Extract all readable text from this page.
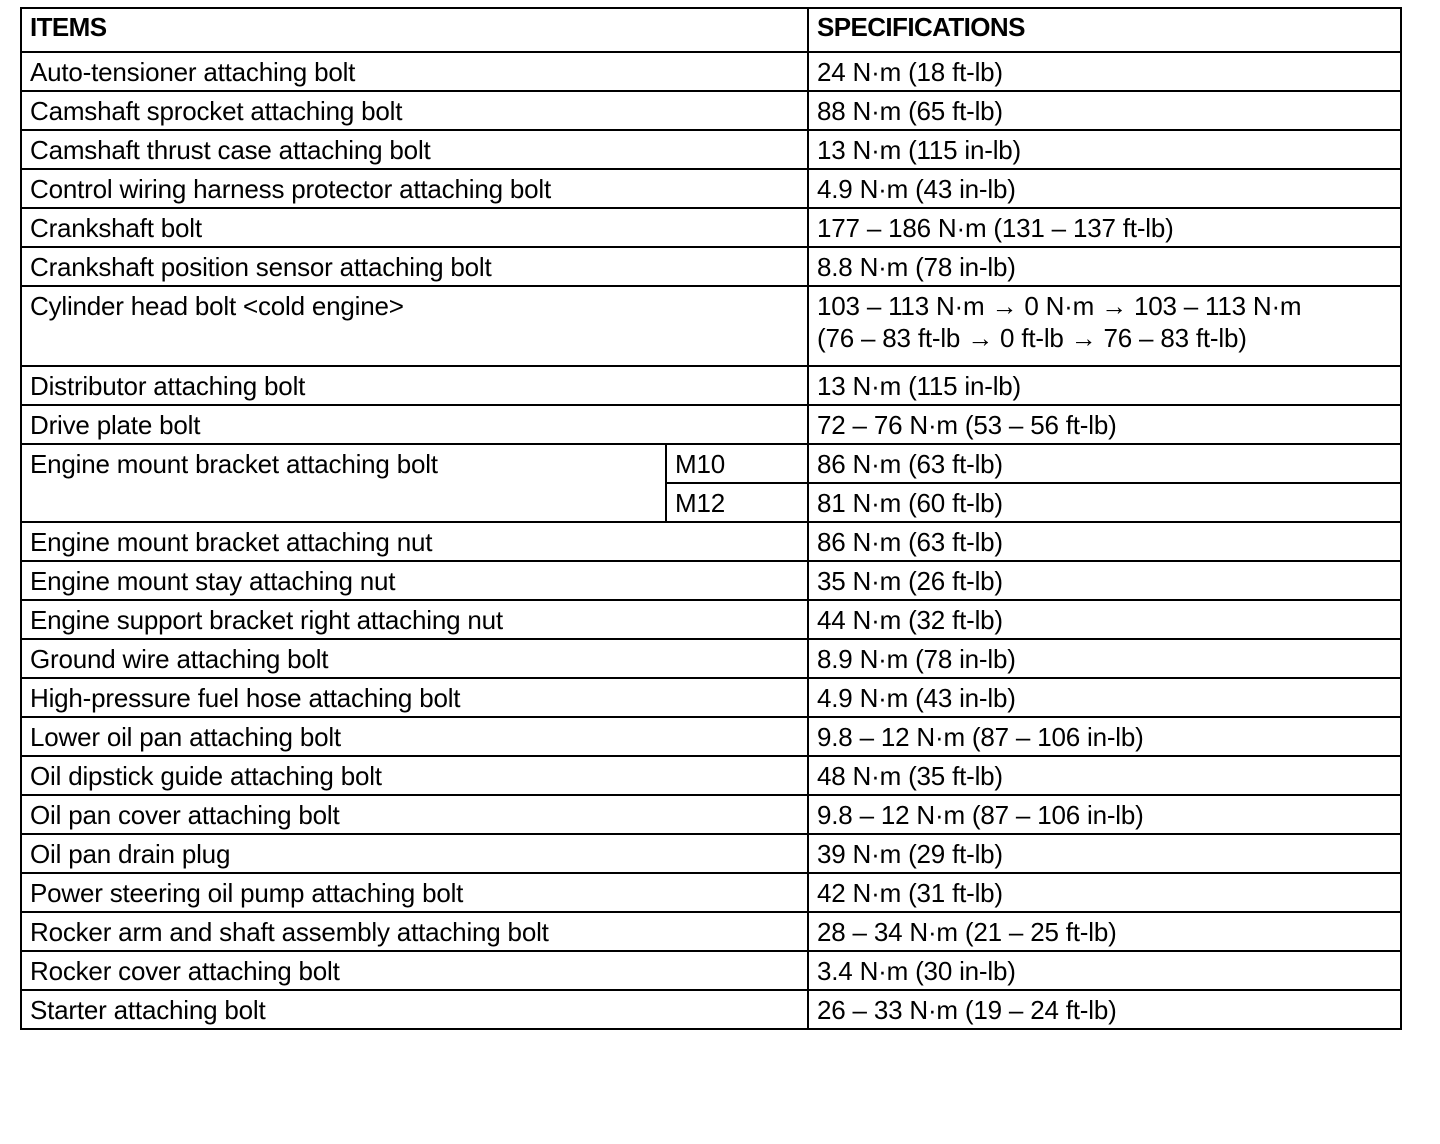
ITEMS		SPECIFICATIONS
Auto-tensioner attaching bolt		24 N·m (18 ft-lb)
Camshaft sprocket attaching bolt		88 N·m (65 ft-lb)
Camshaft thrust case attaching bolt		13 N·m (115 in-lb)
Control wiring harness protector attaching bolt		4.9 N·m (43 in-lb)
Crankshaft bolt		177 – 186 N·m (131 – 137 ft-lb)
Crankshaft position sensor attaching bolt		8.8 N·m (78 in-lb)
Cylinder head bolt <cold engine>		103 – 113 N·m → 0 N·m → 103 – 113 N·m
(76 – 83 ft-lb → 0 ft-lb → 76 – 83 ft-lb)

Distributor attaching bolt		13 N·m (115 in-lb)
Drive plate bolt		72 – 76 N·m (53 – 56 ft-lb)
Engine mount bracket attaching bolt	M10	86 N·m (63 ft-lb)
	M12	81 N·m (60 ft-lb)
Engine mount bracket attaching nut		86 N·m (63 ft-lb)
Engine mount stay attaching nut		35 N·m (26 ft-lb)
Engine support bracket right attaching nut		44 N·m (32 ft-lb)
Ground wire attaching bolt		8.9 N·m (78 in-lb)
High-pressure fuel hose attaching bolt		4.9 N·m (43 in-lb)
Lower oil pan attaching bolt		9.8 – 12 N·m (87 – 106 in-lb)
Oil dipstick guide attaching bolt		48 N·m (35 ft-lb)
Oil pan cover attaching bolt		9.8 – 12 N·m (87 – 106 in-lb)
Oil pan drain plug		39 N·m (29 ft-lb)
Power steering oil pump attaching bolt		42 N·m (31 ft-lb)
Rocker arm and shaft assembly attaching bolt		28 – 34 N·m (21 – 25 ft-lb)
Rocker cover attaching bolt		3.4 N·m (30 in-lb)
Starter attaching bolt		26 – 33 N·m (19 – 24 ft-lb)
